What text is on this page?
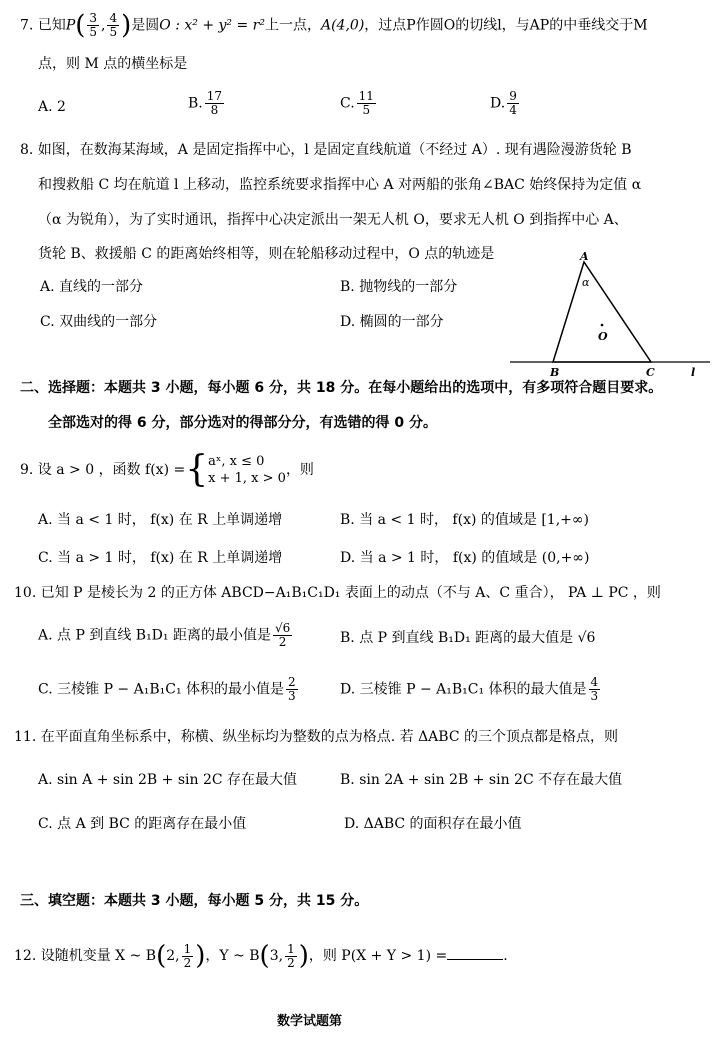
7. 已知$P( \frac{3}{5}$ , $\frac{4}{5}$ )是圆O : x² + y² = r²上一点，A(4,0)，过点P作圆O的切线l，与AP的中垂线交于M
点，则 M 点的横坐标是
A. 2	B. $\frac{17}{8}$	C. $\frac{11}{5}$	D. $\frac{9}{4}$
8. 如图，在数海某海域，A 是固定指挥中心，l 是固定直线航道（不经过 A）. 现有遇险漫游货轮 B
和搜救船 C 均在航道 l 上移动，监控系统要求指挥中心 A 对两船的张角∠BAC 始终保持为定值 α
（α 为锐角），为了实时通讯，指挥中心决定派出一架无人机 O，要求无人机 O 到指挥中心 A、
货轮 B、救援船 C 的距离始终相等，则在轮船移动过程中，O 点的轨迹是
A. 直线的一部分	B. 抛物线的一部分
C. 双曲线的一部分	D. 椭圆的一部分
A
α
O
B	C	l
二、选择题：本题共 3 小题，每小题 6 分，共 18 分。在每小题给出的选项中，有多项符合题目要求。
全部选对的得 6 分，部分选对的得部分分，有选错的得 0 分。
9. 设 a > 0 ，函数 f(x) ={ aˣ, x ≤ 0
x + 1, x > 0
，则
A. 当 a < 1 时， f(x) 在 R 上单调递增	B. 当 a < 1 时， f(x) 的值域是 [1,+∞)
C. 当 a > 1 时， f(x) 在 R 上单调递增	D. 当 a > 1 时， f(x) 的值域是 (0,+∞)
10. 已知 P 是棱长为 2 的正方体 ABCD−A₁B₁C₁D₁ 表面上的动点（不与 A、C 重合）， PA ⊥ PC ，则
A. 点 P 到直线 B₁D₁ 距离的最小值是 $\frac{√6}{2}$	B. 点 P 到直线 B₁D₁ 距离的最大值是 √6
C. 三棱锥 P − A₁B₁C₁ 体积的最小值是 $\frac{2}{3}$	D. 三棱锥 P − A₁B₁C₁ 体积的最大值是 $\frac{4}{3}$
11. 在平面直角坐标系中，称横、纵坐标均为整数的点为格点. 若 ΔABC 的三个顶点都是格点，则
A. sin A + sin 2B + sin 2C 存在最大值	B. sin 2A + sin 2B + sin 2C 不存在最大值
C. 点 A 到 BC 的距离存在最小值	D. ΔABC 的面积存在最小值
三、填空题：本题共 3 小题，每小题 5 分，共 15 分。
12. 设随机变量 X ~ B(2, $\frac{1}{2}$ )，Y ~ B(3, $\frac{1}{2}$ )，则 P(X + Y > 1) =	.
数学试题第
